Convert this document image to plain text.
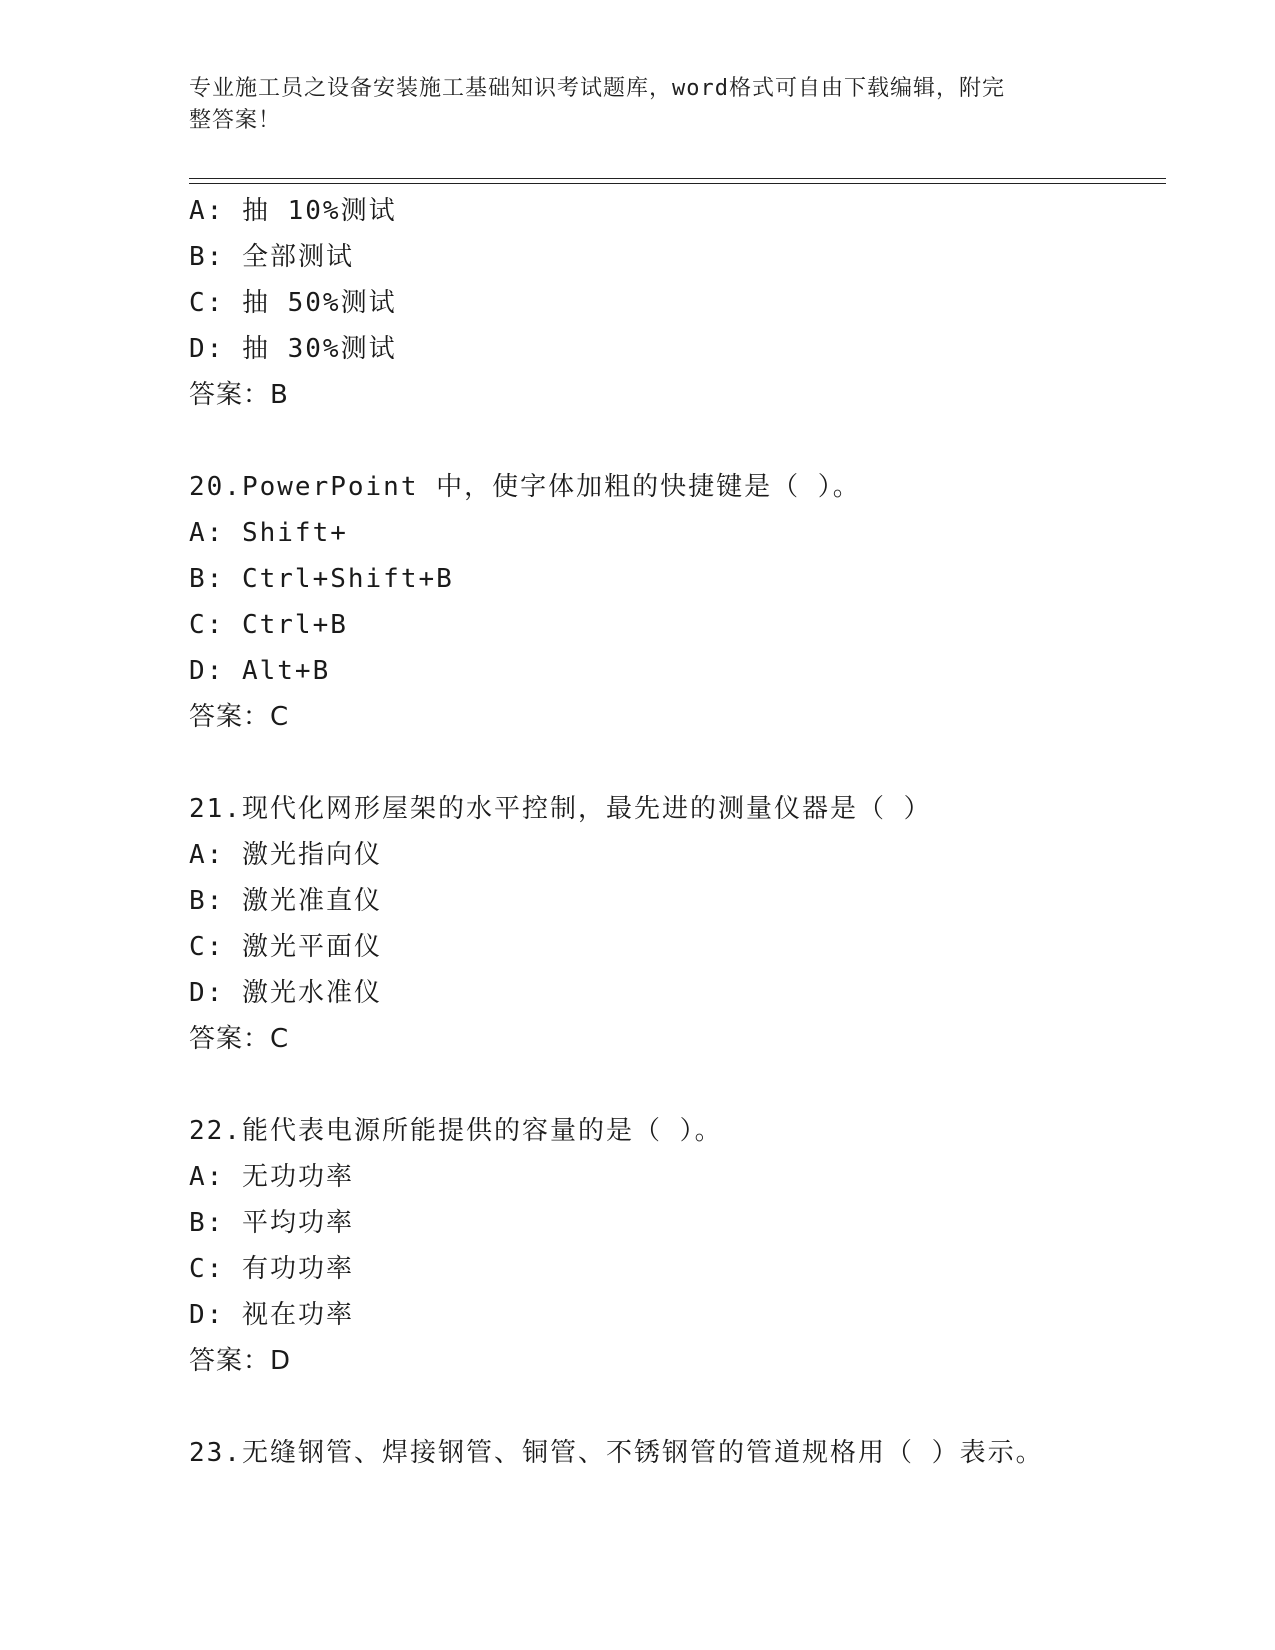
专业施工员之设备安装施工基础知识考试题库，word格式可自由下载编辑，附完
整答案！
A: 抽 10%测试
B: 全部测试
C: 抽 50%测试
D: 抽 30%测试
答案：B
20.PowerPoint 中，使字体加粗的快捷键是（ ）。
A: Shift+
B: Ctrl+Shift+B
C: Ctrl+B
D: Alt+B
答案：C
21.现代化网形屋架的水平控制，最先进的测量仪器是（ ）
A: 激光指向仪
B: 激光准直仪
C: 激光平面仪
D: 激光水准仪
答案：C
22.能代表电源所能提供的容量的是（ ）。
A: 无功功率
B: 平均功率
C: 有功功率
D: 视在功率
答案：D
23.无缝钢管、焊接钢管、铜管、不锈钢管的管道规格用（ ）表示。
